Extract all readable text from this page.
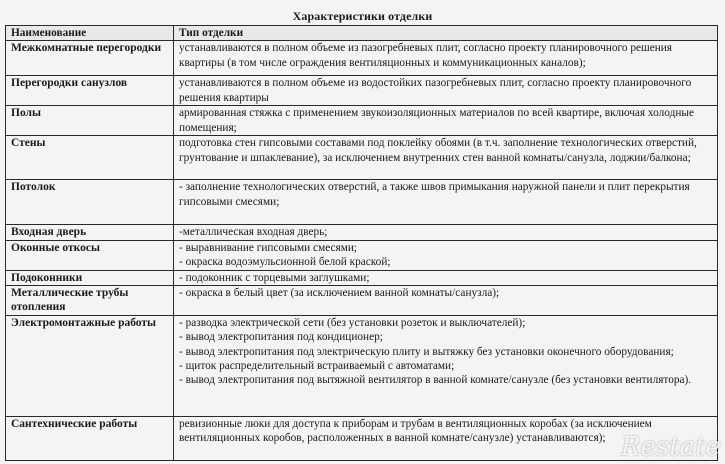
Характеристики отделки
Наименование	Тип отделки
Межкомнатные перегородки	устанавливаются в полном объеме из пазогребневых плит, согласно проекту планировочного решения квартиры (в том числе ограждения вентиляционных и коммуникационных каналов);
Перегородки санузлов	устанавливаются в полном объеме из водостойких пазогребневых плит, согласно проекту планировочного решения квартиры
Полы	армированная стяжка с применением звукоизоляционных материалов по всей квартире, включая холодные помещения;
Стены	подготовка стен гипсовыми составами под поклейку обоями (в т.ч. заполнение технологических отверстий, грунтование и шпаклевание), за исключением внутренних стен ванной комнаты/санузла, лоджии/балкона;
Потолок	- заполнение технологических отверстий, а также швов примыкания наружной панели и плит перекрытия гипсовыми смесями;
Входная дверь	-металлическая входная дверь;
Оконные откосы	- выравнивание гипсовыми смесями;
- окраска водоэмульсионной белой краской;
Подоконники	- подоконник с торцевыми заглушками;
Металлические трубы отопления	- окраска в белый цвет (за исключением ванной комнаты/санузла);
Электромонтажные работы	- разводка электрической сети (без установки розеток и выключателей);
- вывод электропитания под кондиционер;
- вывод электропитания под электрическую плиту и вытяжку без установки оконечного оборудования;
- щиток распределительный встраиваемый с автоматами;
- вывод электропитания под вытяжной вентилятор в ванной комнате/санузле (без установки вентилятора).
Сантехнические работы	ревизионные люки для доступа к приборам и трубам в вентиляционных коробах (за исключением вентиляционных коробов, расположенных в ванной комнате/санузле) устанавливаются); Restate
